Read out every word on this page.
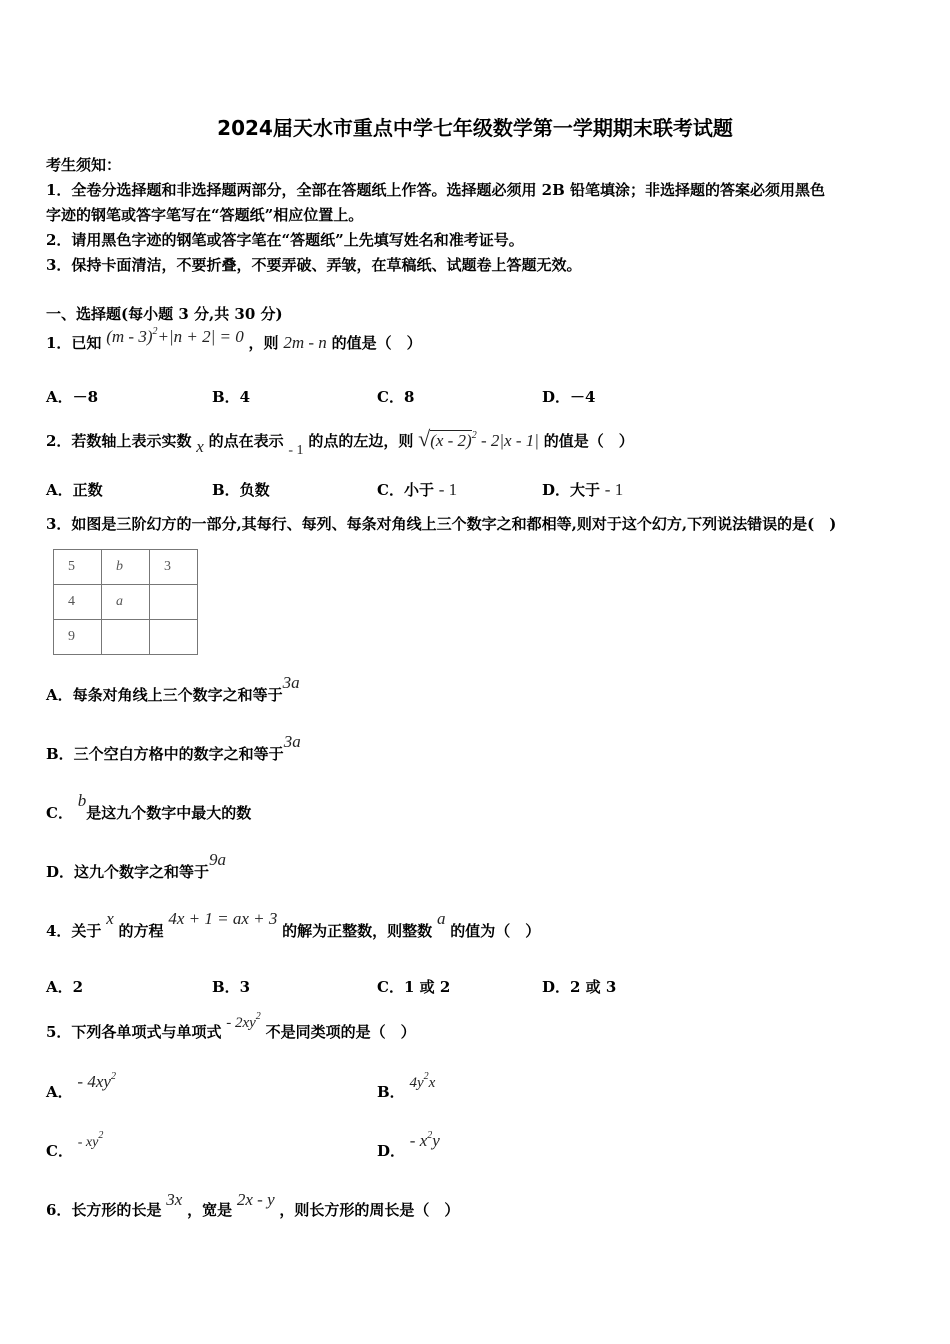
2024届天水市重点中学七年级数学第一学期期末联考试题
考生须知：
1．全卷分选择题和非选择题两部分，全部在答题纸上作答。选择题必须用 2B 铅笔填涂；非选择题的答案必须用黑色
字迹的钢笔或答字笔写在“答题纸”相应位置上。
2．请用黑色字迹的钢笔或答字笔在“答题纸”上先填写姓名和准考证号。
3．保持卡面清洁，不要折叠，不要弄破、弄皱，在草稿纸、试题卷上答题无效。
一、选择题(每小题 3 分,共 30 分)
1．已知 (m - 3)$^2$+|n + 2| = 0 ，则 2m - n 的值是（　）
A．－8	B．4	C．8	D．－4
2．若数轴上表示实数 x 的点在表示 - 1 的点的左边，则 √(x - 2)$^2$ - 2|x - 1| 的值是（　）
A．正数	B．负数	C．小于 - 1	D．大于 - 1
3．如图是三阶幻方的一部分,其每行、每列、每条对角线上三个数字之和都相等,则对于这个幻方,下列说法错误的是(　)
5	b	3
4	a	
9		
A．每条对角线上三个数字之和等于3a
B．三个空白方格中的数字之和等于3a
C． b是这九个数字中最大的数
D．这九个数字之和等于9a
4．关于 x 的方程 4x + 1 = ax + 3 的解为正整数，则整数 a 的值为（　）
A．2	B．3	C．1 或 2	D．2 或 3
5．下列各单项式与单项式 - $2xy^2$ 不是同类项的是（　）
A． - $4xy^2$
B． $4y^2x$
C． - $xy^2$
D． - $x^2y$
6．长方形的长是 3x ，宽是 2x - y ，则长方形的周长是（　）
